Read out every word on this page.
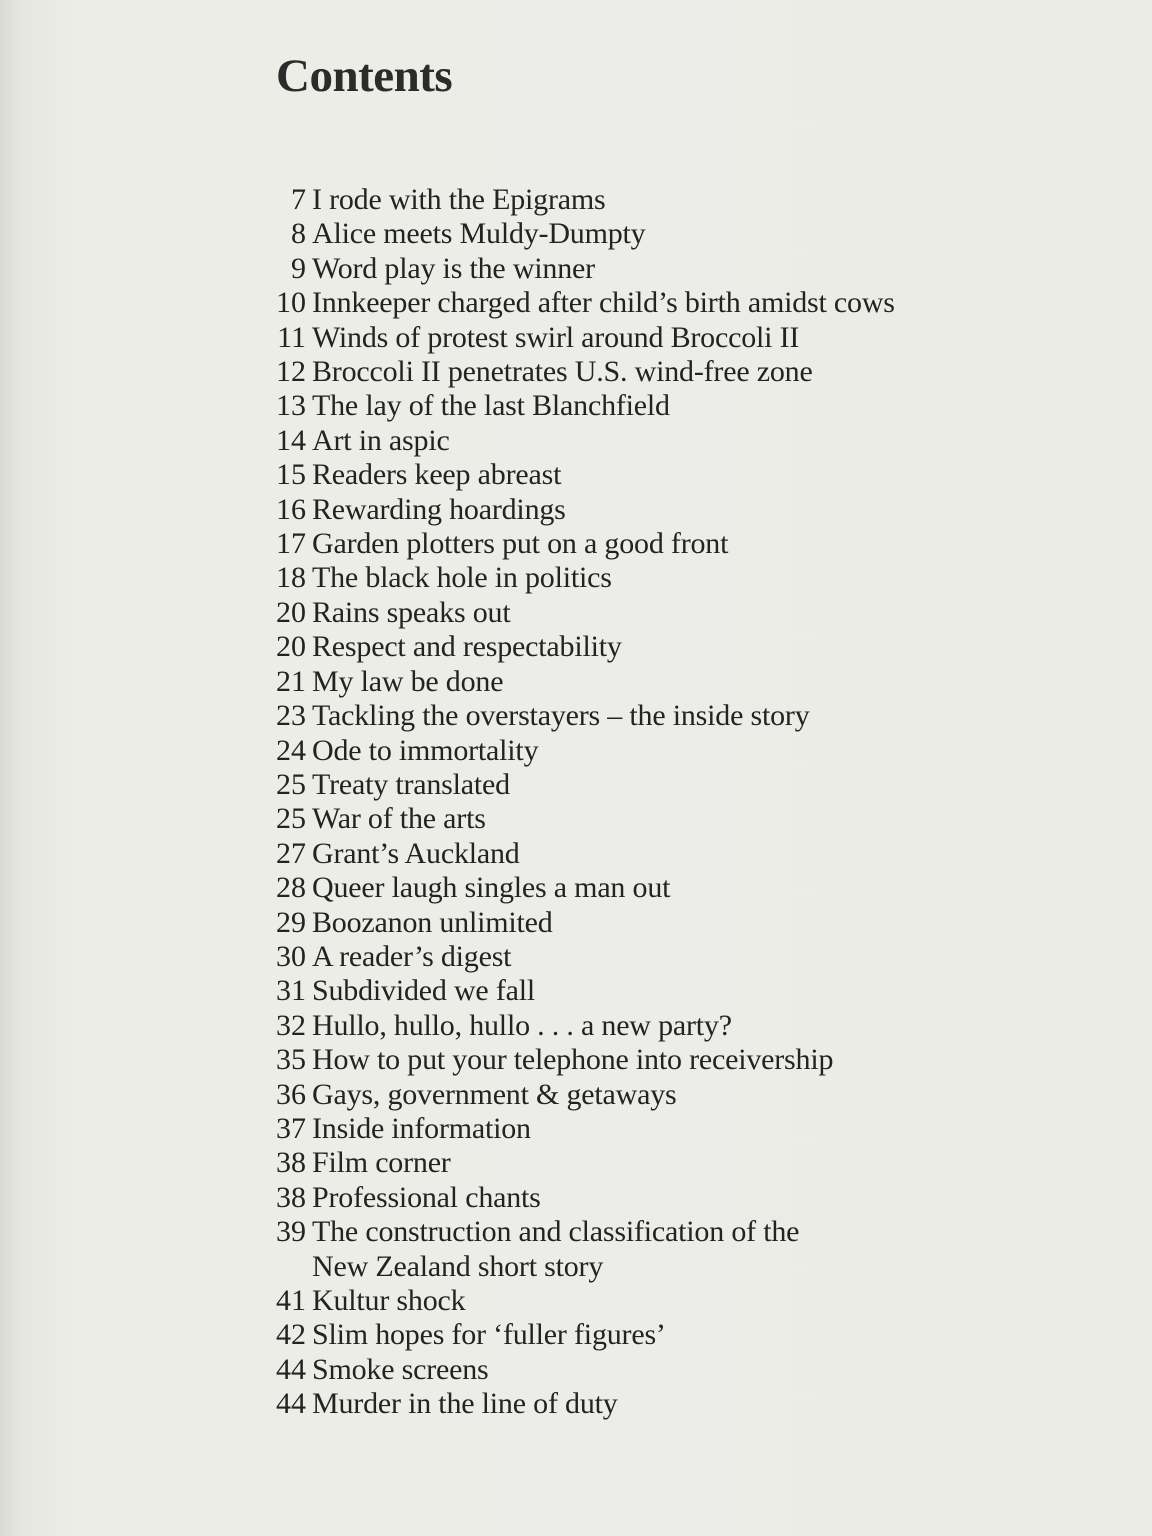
Contents
7 I rode with the Epigrams
8 Alice meets Muldy-Dumpty
9 Word play is the winner
10 Innkeeper charged after child’s birth amidst cows
11 Winds of protest swirl around Broccoli II
12 Broccoli II penetrates U.S. wind-free zone
13 The lay of the last Blanchfield
14 Art in aspic
15 Readers keep abreast
16 Rewarding hoardings
17 Garden plotters put on a good front
18 The black hole in politics
20 Rains speaks out
20 Respect and respectability
21 My law be done
23 Tackling the overstayers – the inside story
24 Ode to immortality
25 Treaty translated
25 War of the arts
27 Grant’s Auckland
28 Queer laugh singles a man out
29 Boozanon unlimited
30 A reader’s digest
31 Subdivided we fall
32 Hullo, hullo, hullo . . . a new party?
35 How to put your telephone into receivership
36 Gays, government & getaways
37 Inside information
38 Film corner
38 Professional chants
39 The construction and classification of the
New Zealand short story
41 Kultur shock
42 Slim hopes for ‘fuller figures’
44 Smoke screens
44 Murder in the line of duty
